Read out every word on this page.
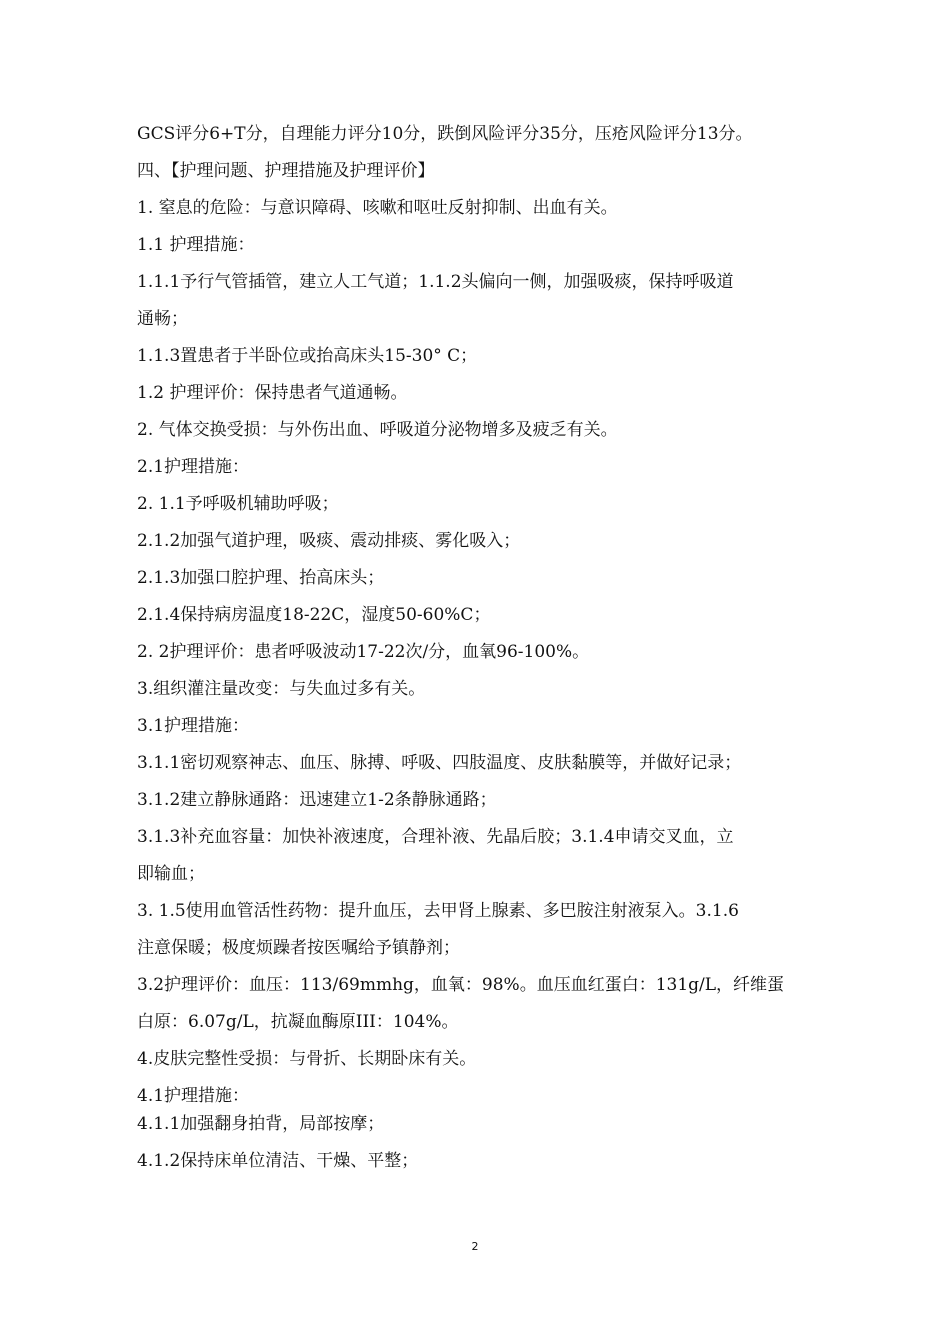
GCS评分6+T分，自理能力评分10分，跌倒风险评分35分，压疮风险评分13分。
四、【护理问题、护理措施及护理评价】
1. 窒息的危险：与意识障碍、咳嗽和呕吐反射抑制、出血有关。
1.1 护理措施：
1.1.1予行气管插管，建立人工气道；1.1.2头偏向一侧，加强吸痰，保持呼吸道
通畅；
1.1.3置患者于半卧位或抬高床头15-30° C；
1.2 护理评价：保持患者气道通畅。
2. 气体交换受损：与外伤出血、呼吸道分泌物增多及疲乏有关。
2.1护理措施：
2. 1.1予呼吸机辅助呼吸；
2.1.2加强气道护理，吸痰、震动排痰、雾化吸入；
2.1.3加强口腔护理、抬高床头；
2.1.4保持病房温度18-22C，湿度50-60%C；
2. 2护理评价：患者呼吸波动17-22次/分，血氧96-100%。
3.组织灌注量改变：与失血过多有关。
3.1护理措施：
3.1.1密切观察神志、血压、脉搏、呼吸、四肢温度、皮肤黏膜等，并做好记录；
3.1.2建立静脉通路：迅速建立1-2条静脉通路；
3.1.3补充血容量：加快补液速度，合理补液、先晶后胶；3.1.4申请交叉血，立
即输血；
3. 1.5使用血管活性药物：提升血压，去甲肾上腺素、多巴胺注射液泵入。3.1.6
注意保暖；极度烦躁者按医嘱给予镇静剂；
3.2护理评价：血压：113/69mmhg，血氧：98%。血压血红蛋白：131g/L，纤维蛋
白原：6.07g/L，抗凝血酶原III：104%。
4.皮肤完整性受损：与骨折、长期卧床有关。
4.1护理措施：
4.1.1加强翻身拍背，局部按摩；
4.1.2保持床单位清洁、干燥、平整；
2
